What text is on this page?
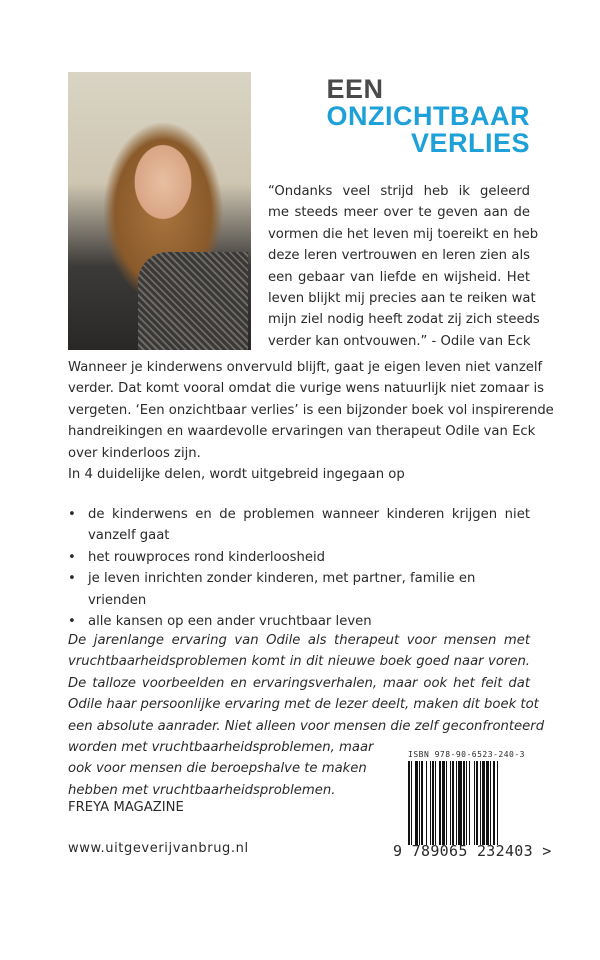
EEN
ONZICHTBAAR
VERLIES
“Ondanks veel strijd heb ik geleerd
me steeds meer over te geven aan de
vormen die het leven mij toereikt en heb
deze leren vertrouwen en leren zien als
een gebaar van liefde en wijsheid. Het
leven blijkt mij precies aan te reiken wat
mijn ziel nodig heeft zodat zij zich steeds
verder kan ontvouwen.” - Odile van Eck
Wanneer je kinderwens onvervuld blijft, gaat je eigen leven niet vanzelf
verder. Dat komt vooral omdat die vurige wens natuurlijk niet zomaar is
vergeten. ‘Een onzichtbaar verlies’ is een bijzonder boek vol inspirerende
handreikingen en waardevolle ervaringen van therapeut Odile van Eck
over kinderloos zijn.
In 4 duidelijke delen, wordt uitgebreid ingegaan op
• de kinderwens en de problemen wanneer kinderen krijgen niet
vanzelf gaat
• het rouwproces rond kinderloosheid
• je leven inrichten zonder kinderen, met partner, familie en vrienden
• alle kansen op een ander vruchtbaar leven
De jarenlange ervaring van Odile als therapeut voor mensen met
vruchtbaarheidsproblemen komt in dit nieuwe boek goed naar voren.
De talloze voorbeelden en ervaringsverhalen, maar ook het feit dat
Odile haar persoonlijke ervaring met de lezer deelt, maken dit boek tot
een absolute aanrader. Niet alleen voor mensen die zelf geconfronteerd
worden met vruchtbaarheidsproblemen, maar
ook voor mensen die beroepshalve te maken
hebben met vruchtbaarheidsproblemen.
FREYA MAGAZINE
www.uitgeverijvanbrug.nl
ISBN 978-90-6523-240-3
9 789065 232403 >
